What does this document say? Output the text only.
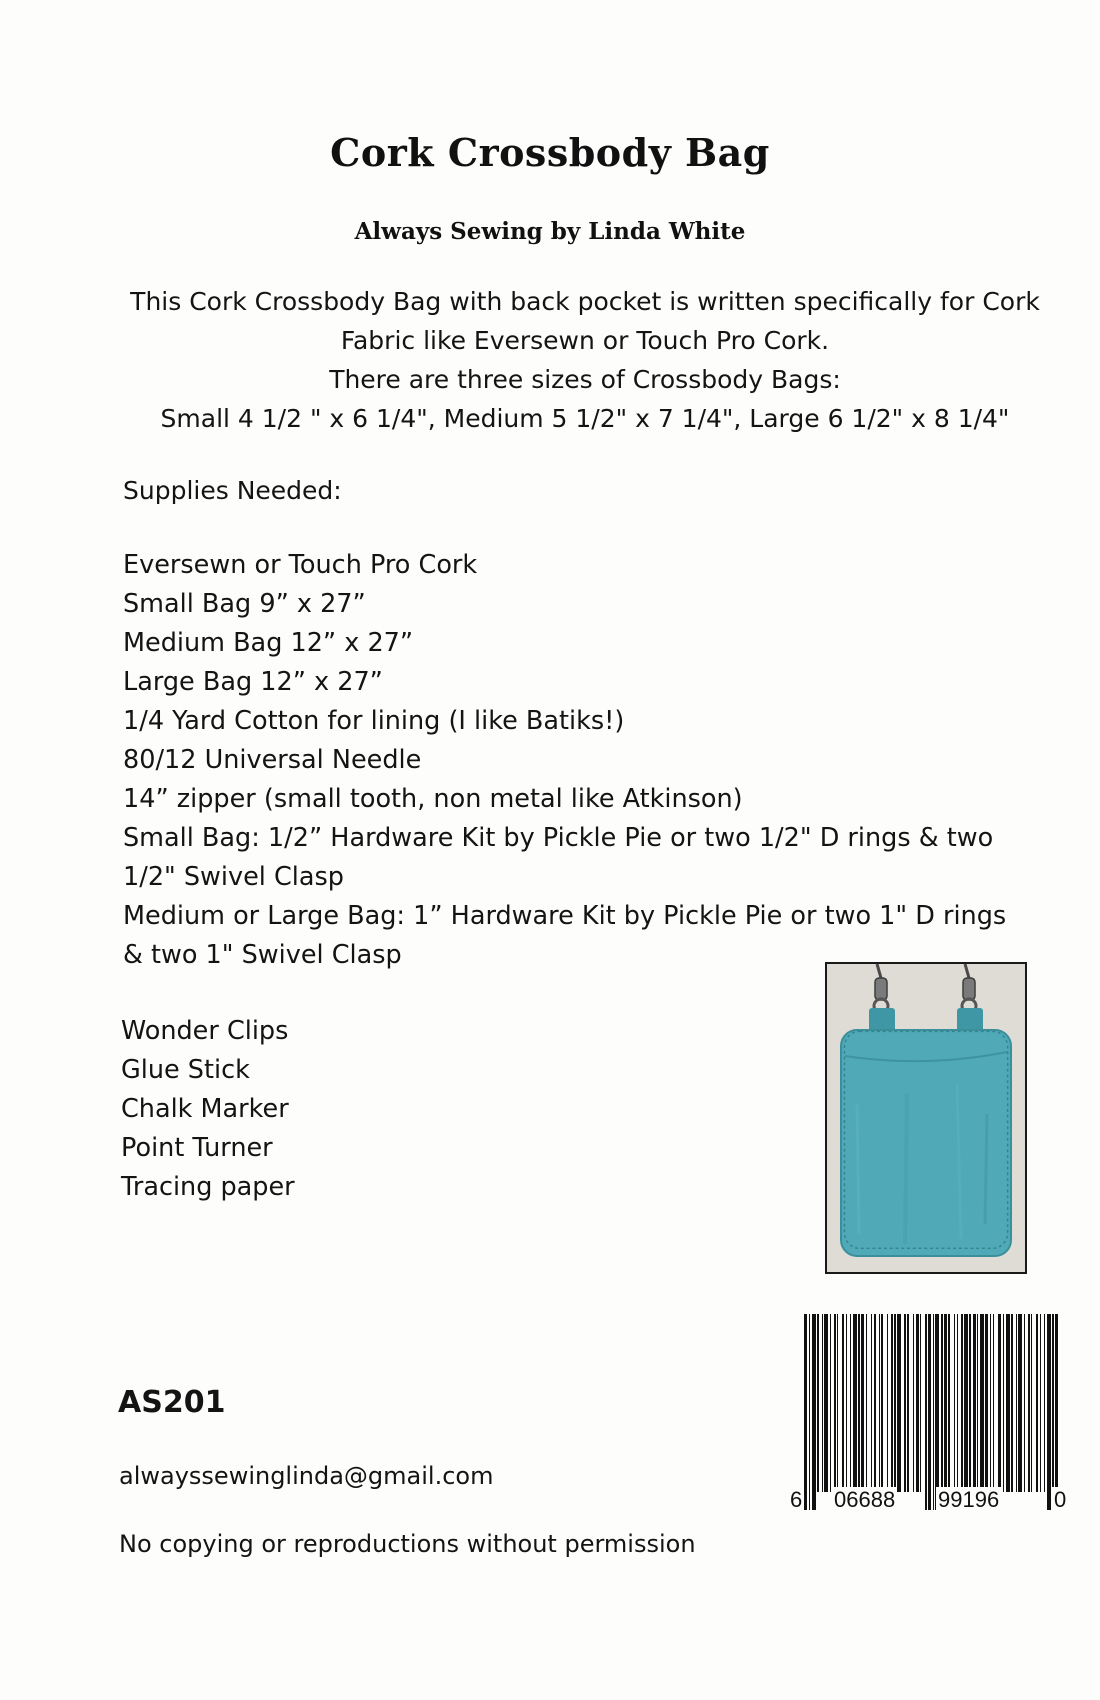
Cork Crossbody Bag
Always Sewing by Linda White
This Cork Crossbody Bag with back pocket is written specifically for Cork
Fabric like Eversewn or Touch Pro Cork.
There are three sizes of Crossbody Bags:
Small 4 1/2 " x 6 1/4", Medium 5 1/2" x 7 1/4", Large 6 1/2" x 8 1/4"
Supplies Needed:
Eversewn or Touch Pro Cork
Small Bag 9” x 27”
Medium Bag 12” x 27”
Large Bag 12” x 27”
1/4 Yard Cotton for lining (I like Batiks!)
80/12 Universal Needle
14” zipper (small tooth, non metal like Atkinson)
Small Bag: 1/2” Hardware Kit by Pickle Pie or two 1/2" D rings & two
1/2" Swivel Clasp
Medium or Large Bag: 1” Hardware Kit by Pickle Pie or two 1" D rings
& two 1" Swivel Clasp
Wonder Clips
Glue Stick
Chalk Marker
Point Turner
Tracing paper
6 06688 99196 0
AS201
alwayssewinglinda@gmail.com
No copying or reproductions without permission
